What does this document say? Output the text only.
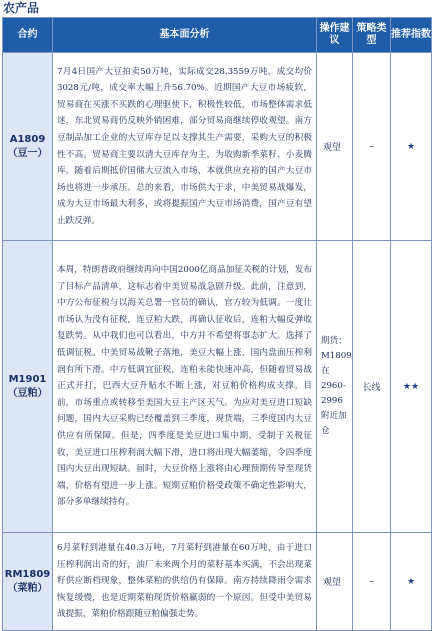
农产品
合约	基本面分析	操作建议	策略类型	推荐指数

A1809
（豆一）	7月4日国产大豆拍卖50万吨，实际成交28.3559万吨，成交均价3028元/吨，成交率大幅上升56.70%。近期国产大豆市场疲软，贸易商在买涨不买跌的心理驱使下，积极性较低，市场整体需求低迷，东北贸易商仍反映外销困难，部分贸易商继续停收观望。南方豆制品加工企业的大豆库存足以支撑其生产需要，采购大豆的积极性不高。贸易商主要以清大豆库存为主，为收购新季菜籽、小麦腾库。随着后期抵价国储大豆流入市场，本就供应充裕的国产大豆市场也将进一步承压。总的来看，市场供大于求，中美贸易战爆发，成为大豆市场最大利多，或将提振国产大豆市场消费，国产豆有望止跌反弹。	观望	–	★

M1901
（豆粕）	本周，特朗普政府继续再向中国2000亿商品加征关税的计划，发布了目标产品清单，这标志着中美贸易战急剧升级。此前，注意到，中方公布征税与以海关总署一官员的确认，官方较为低调。一度让市场认为没有征税，连豆粕大跌，再确认征收后，连粕大幅反弹收复跌势。从中我们也可以看出，中方并不希望将事态扩大。选择了低调征税。中美贸易战靴子落地，美豆大幅上涨，国内盘面压榨利润有所下滑。中方低调宜征税，连粕未能快速冲高，但随着贸易战正式开打，巴西大豆升贴水不断上涨，对豆粕价格构成支撑。目前，市场重点或转移至美国大豆主产区天气。为应对美豆进口短缺问题，国内大豆采购已经覆盖到三季度，现货端，三季度国内大豆供应有所保障。但是，四季度是美豆进口集中期，受制于关税征收，美豆进口压榨利润大幅下滑，进口将出现大幅萎缩，令四季度国内大豆出现短缺。届时，大豆价格上涨将由心理预期传导至现货端，价格有望进一步上涨。短期豆粕价格受政策不确定性影响大，部分多单继续持有。	期货：M1809在2960-2996附近加仓	长线	★★

RM1809
（菜粕）	6月菜籽到港量在40.3万吨，7月菜籽到港量在60万吨，由于进口压榨利润出奇的好，油厂未来两个月的菜籽基本买满，不会出现菜籽供应断档现象，整体菜粕的供给仍有保障。南方持续降雨令需求恢复缓慢，也是近期菜粕现货价格羸弱的一个原因。但受中美贸易战提振，菜粕价格跟随豆粕偏强走势。	观望	–	★
